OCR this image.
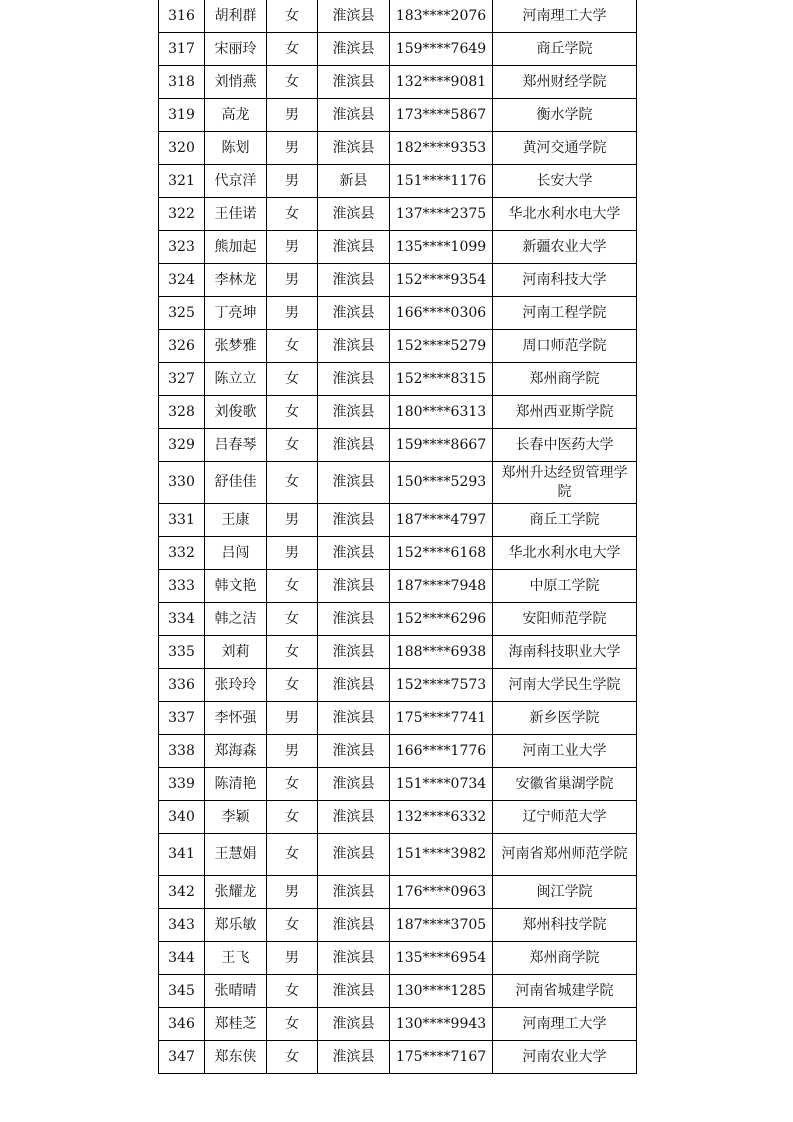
316	胡利群	女	淮滨县	183****2076	河南理工大学
317	宋丽玲	女	淮滨县	159****7649	商丘学院
318	刘悄燕	女	淮滨县	132****9081	郑州财经学院
319	高龙	男	淮滨县	173****5867	衡水学院
320	陈划	男	淮滨县	182****9353	黄河交通学院
321	代京洋	男	新县	151****1176	长安大学
322	王佳诺	女	淮滨县	137****2375	华北水利水电大学
323	熊加起	男	淮滨县	135****1099	新疆农业大学
324	李林龙	男	淮滨县	152****9354	河南科技大学
325	丁亮坤	男	淮滨县	166****0306	河南工程学院
326	张梦雅	女	淮滨县	152****5279	周口师范学院
327	陈立立	女	淮滨县	152****8315	郑州商学院
328	刘俊歌	女	淮滨县	180****6313	郑州西亚斯学院
329	吕春琴	女	淮滨县	159****8667	长春中医药大学
330	舒佳佳	女	淮滨县	150****5293	郑州升达经贸管理学院
331	王康	男	淮滨县	187****4797	商丘工学院
332	吕闯	男	淮滨县	152****6168	华北水利水电大学
333	韩文艳	女	淮滨县	187****7948	中原工学院
334	韩之洁	女	淮滨县	152****6296	安阳师范学院
335	刘莉	女	淮滨县	188****6938	海南科技职业大学
336	张玲玲	女	淮滨县	152****7573	河南大学民生学院
337	李怀强	男	淮滨县	175****7741	新乡医学院
338	郑海森	男	淮滨县	166****1776	河南工业大学
339	陈清艳	女	淮滨县	151****0734	安徽省巢湖学院
340	李颖	女	淮滨县	132****6332	辽宁师范大学
341	王慧娟	女	淮滨县	151****3982	河南省郑州师范学院
342	张耀龙	男	淮滨县	176****0963	闽江学院
343	郑乐敏	女	淮滨县	187****3705	郑州科技学院
344	王飞	男	淮滨县	135****6954	郑州商学院
345	张晴晴	女	淮滨县	130****1285	河南省城建学院
346	郑桂芝	女	淮滨县	130****9943	河南理工大学
347	郑东侠	女	淮滨县	175****7167	河南农业大学
